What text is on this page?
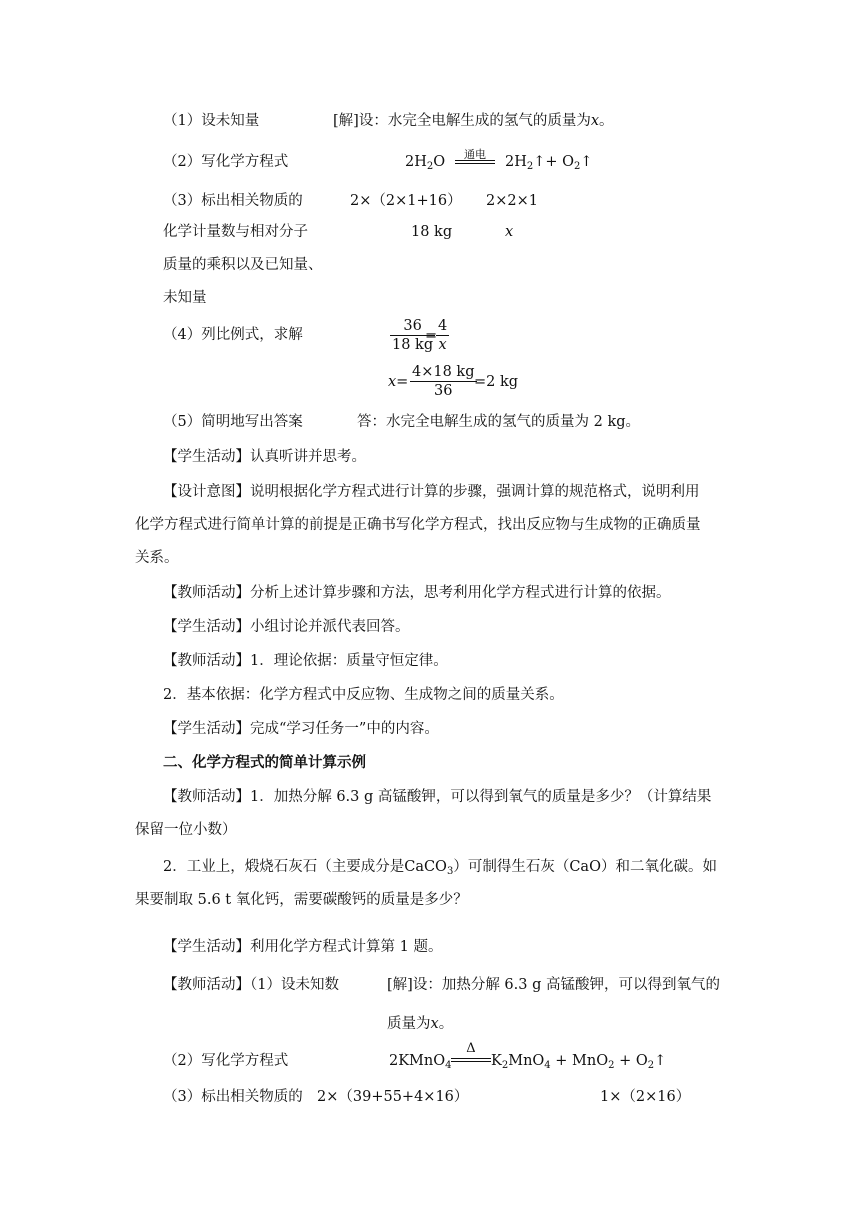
（1）设未知量	[解]设：水完全电解生成的氢气的质量为x。
（2）写化学方程式	$2H_2O$	通电	$2H_2↑+$ $O_2↑$
（3）标出相关物质的	2×（2×1+16） 2×2×1
化学计量数与相对分子	18 kg	x
质量的乘积以及已知量、
未知量
（4）列比例式，求解	$\frac{36}{18 kg}$
=
$\frac{4}{x}$
$x= \frac{4\times 18 kg}{36}$
=2 kg
（5）简明地写出答案	答：水完全电解生成的氢气的质量为 2 kg。
【学生活动】认真听讲并思考。
【设计意图】说明根据化学方程式进行计算的步骤，强调计算的规范格式，说明利用
化学方程式进行简单计算的前提是正确书写化学方程式，找出反应物与生成物的正确质量
关系。
【教师活动】分析上述计算步骤和方法，思考利用化学方程式进行计算的依据。
【学生活动】小组讨论并派代表回答。
【教师活动】1．理论依据：质量守恒定律。
2．基本依据：化学方程式中反应物、生成物之间的质量关系。
【学生活动】完成“学习任务一”中的内容。
二、化学方程式的简单计算示例
【教师活动】1．加热分解 6.3 g 高锰酸钾，可以得到氧气的质量是多少？（计算结果
保留一位小数）
2．工业上，煅烧石灰石（主要成分是CaCO$_3$）可制得生石灰（CaO）和二氧化碳。如
果要制取 5.6 t 氧化钙，需要碳酸钙的质量是多少？
【学生活动】利用化学方程式计算第 1 题。
【教师活动】（1）设未知数	[解]设：加热分解 6.3 g 高锰酸钾，可以得到氧气的
质量为x。
（2）写化学方程式	2KMnO$_4$
Δ
$K_2MnO_4 + MnO_2$ + $O_2↑$
（3）标出相关物质的 2×（39+55+4×16）	1×（2×16）
